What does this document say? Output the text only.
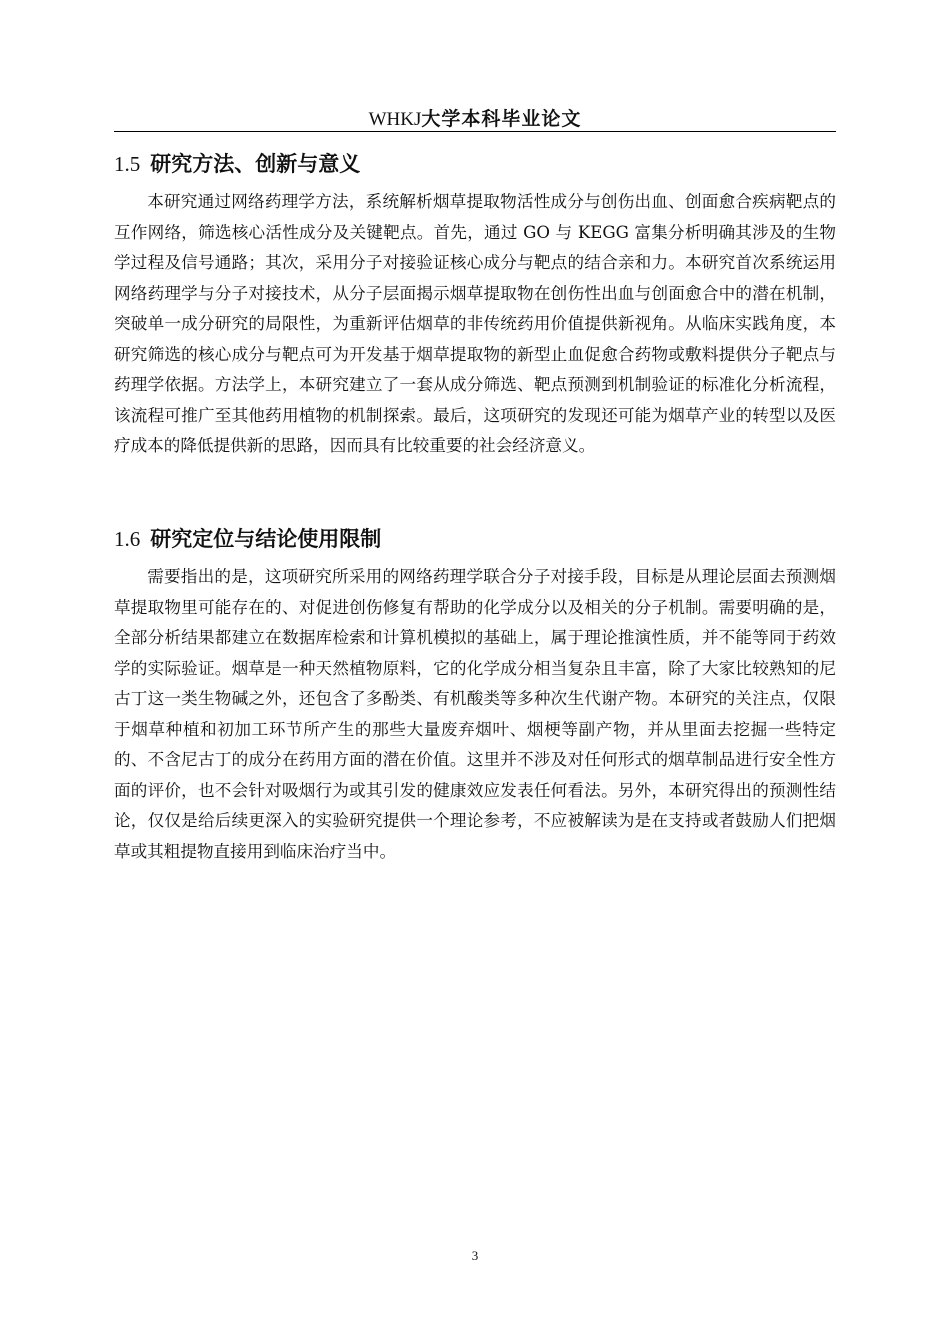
WHKJ大学本科毕业论文
1.5 研究方法、创新与意义

本研究通过网络药理学方法，系统解析烟草提取物活性成分与创伤出血、创面愈合疾病靶点的互作网络，筛选核心活性成分及关键靶点。首先，通过 GO 与 KEGG 富集分析明确其涉及的生物学过程及信号通路；其次，采用分子对接验证核心成分与靶点的结合亲和力。本研究首次系统运用网络药理学与分子对接技术，从分子层面揭示烟草提取物在创伤性出血与创面愈合中的潜在机制，突破单一成分研究的局限性，为重新评估烟草的非传统药用价值提供新视角。从临床实践角度，本研究筛选的核心成分与靶点可为开发基于烟草提取物的新型止血促愈合药物或敷料提供分子靶点与药理学依据。方法学上，本研究建立了一套从成分筛选、靶点预测到机制验证的标准化分析流程，该流程可推广至其他药用植物的机制探索。最后，这项研究的发现还可能为烟草产业的转型以及医疗成本的降低提供新的思路，因而具有比较重要的社会经济意义。

1.6 研究定位与结论使用限制

需要指出的是，这项研究所采用的网络药理学联合分子对接手段，目标是从理论层面去预测烟草提取物里可能存在的、对促进创伤修复有帮助的化学成分以及相关的分子机制。需要明确的是，全部分析结果都建立在数据库检索和计算机模拟的基础上，属于理论推演性质，并不能等同于药效学的实际验证。烟草是一种天然植物原料，它的化学成分相当复杂且丰富，除了大家比较熟知的尼古丁这一类生物碱之外，还包含了多酚类、有机酸类等多种次生代谢产物。本研究的关注点，仅限于烟草种植和初加工环节所产生的那些大量废弃烟叶、烟梗等副产物，并从里面去挖掘一些特定的、不含尼古丁的成分在药用方面的潜在价值。这里并不涉及对任何形式的烟草制品进行安全性方面的评价，也不会针对吸烟行为或其引发的健康效应发表任何看法。另外，本研究得出的预测性结论，仅仅是给后续更深入的实验研究提供一个理论参考，不应被解读为是在支持或者鼓励人们把烟草或其粗提物直接用到临床治疗当中。

3
